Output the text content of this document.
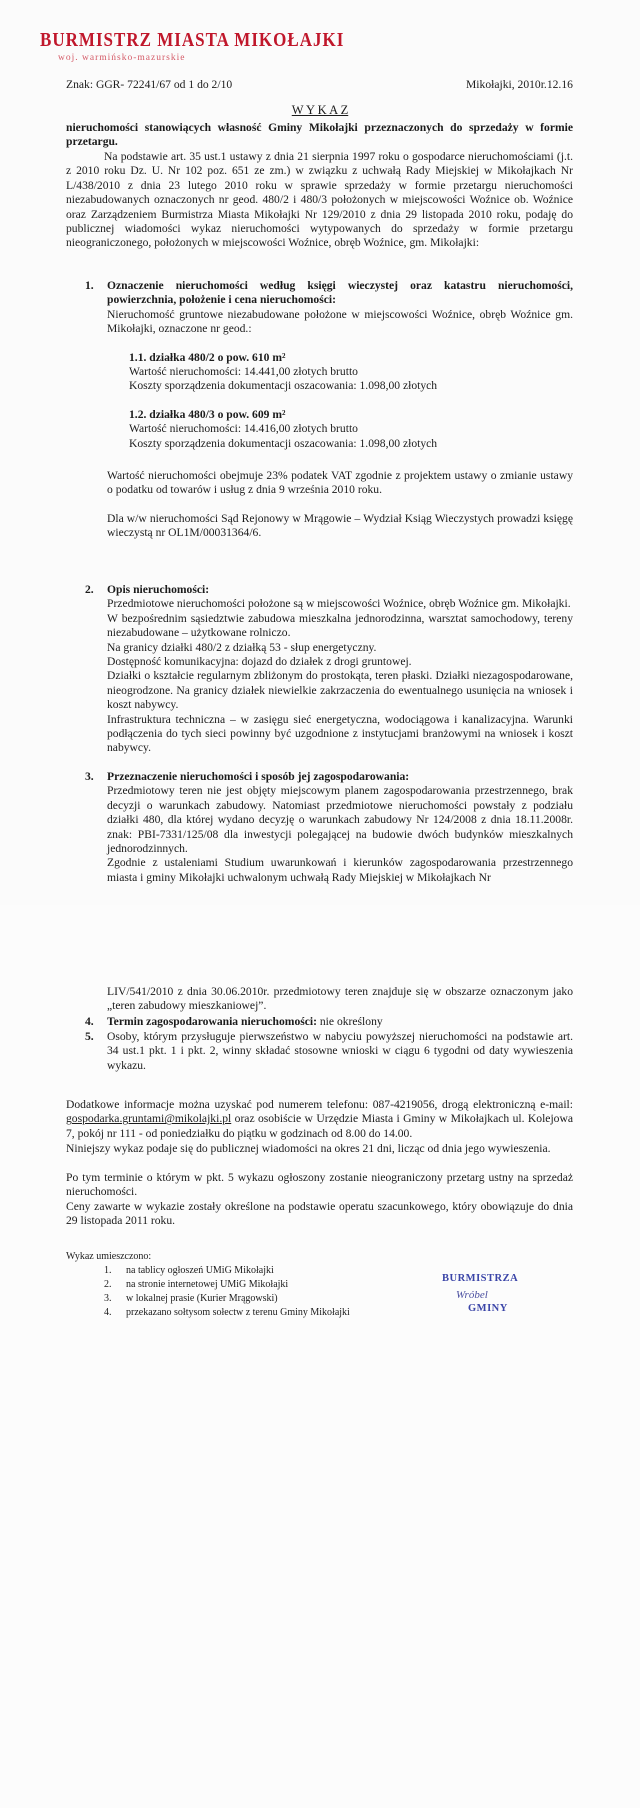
BURMISTRZ MIASTA MIKOŁAJKI
woj. warmińsko-mazurskie
Znak: GGR- 72241/67 od 1 do 2/10	Mikołajki, 2010r.12.16
W Y K A Z
nieruchomości stanowiących własność Gminy Mikołajki przeznaczonych do sprzedaży w formie przetargu.
Na podstawie art. 35 ust.1 ustawy z dnia 21 sierpnia 1997 roku o gospodarce nieruchomościami (j.t. z 2010 roku Dz. U. Nr 102 poz. 651 ze zm.) w związku z uchwałą Rady Miejskiej w Mikołajkach Nr L/438/2010 z dnia 23 lutego 2010 roku w sprawie sprzedaży w formie przetargu nieruchomości niezabudowanych oznaczonych nr geod. 480/2 i 480/3 położonych w miejscowości Woźnice ob. Woźnice oraz Zarządzeniem Burmistrza Miasta Mikołajki Nr 129/2010 z dnia 29 listopada 2010 roku, podaję do publicznej wiadomości wykaz nieruchomości wytypowanych do sprzedaży w formie przetargu nieograniczonego, położonych w miejscowości Woźnice, obręb Woźnice, gm. Mikołajki:
1. Oznaczenie nieruchomości według księgi wieczystej oraz katastru nieruchomości, powierzchnia, położenie i cena nieruchomości:
Nieruchomość gruntowe niezabudowane położone w miejscowości Woźnice, obręb Woźnice gm. Mikołajki, oznaczone nr geod.:
1.1. działka 480/2 o pow. 610 m²
Wartość nieruchomości: 14.441,00 złotych brutto
Koszty sporządzenia dokumentacji oszacowania: 1.098,00 złotych
1.2. działka 480/3 o pow. 609 m²
Wartość nieruchomości: 14.416,00 złotych brutto
Koszty sporządzenia dokumentacji oszacowania: 1.098,00 złotych
Wartość nieruchomości obejmuje 23% podatek VAT zgodnie z projektem ustawy o zmianie ustawy o podatku od towarów i usług z dnia 9 września 2010 roku.
Dla w/w nieruchomości Sąd Rejonowy w Mrągowie – Wydział Ksiąg Wieczystych prowadzi księgę wieczystą nr OL1M/00031364/6.
2. Opis nieruchomości:
Przedmiotowe nieruchomości położone są w miejscowości Woźnice, obręb Woźnice gm. Mikołajki.
W bezpośrednim sąsiedztwie zabudowa mieszkalna jednorodzinna, warsztat samochodowy, tereny niezabudowane – użytkowane rolniczo.
Na granicy działki 480/2 z działką 53 - słup energetyczny.
Dostępność komunikacyjna: dojazd do działek z drogi gruntowej.
Działki o kształcie regularnym zbliżonym do prostokąta, teren płaski. Działki niezagospodarowane, nieogrodzone. Na granicy działek niewielkie zakrzaczenia do ewentualnego usunięcia na wniosek i koszt nabywcy.
Infrastruktura techniczna – w zasięgu sieć energetyczna, wodociągowa i kanalizacyjna. Warunki podłączenia do tych sieci powinny być uzgodnione z instytucjami branżowymi na wniosek i koszt nabywcy.
3. Przeznaczenie nieruchomości i sposób jej zagospodarowania:
Przedmiotowy teren nie jest objęty miejscowym planem zagospodarowania przestrzennego, brak decyzji o warunkach zabudowy. Natomiast przedmiotowe nieruchomości powstały z podziału działki 480, dla której wydano decyzję o warunkach zabudowy Nr 124/2008 z dnia 18.11.2008r. znak: PBI-7331/125/08 dla inwestycji polegającej na budowie dwóch budynków mieszkalnych jednorodzinnych.
Zgodnie z ustaleniami Studium uwarunkowań i kierunków zagospodarowania przestrzennego miasta i gminy Mikołajki uchwalonym uchwałą Rady Miejskiej w Mikołajkach Nr
LIV/541/2010 z dnia 30.06.2010r. przedmiotowy teren znajduje się w obszarze oznaczonym jako „teren zabudowy mieszkaniowej”.
4. Termin zagospodarowania nieruchomości: nie określony
5. Osoby, którym przysługuje pierwszeństwo w nabyciu powyższej nieruchomości na podstawie art. 34 ust.1 pkt. 1 i pkt. 2, winny składać stosowne wnioski w ciągu 6 tygodni od daty wywieszenia wykazu.
Dodatkowe informacje można uzyskać pod numerem telefonu: 087-4219056, drogą elektroniczną e-mail: gospodarka.gruntami@mikolajki.pl oraz osobiście w Urzędzie Miasta i Gminy w Mikołajkach ul. Kolejowa 7, pokój nr 111 - od poniedziałku do piątku w godzinach od 8.00 do 14.00.
Niniejszy wykaz podaje się do publicznej wiadomości na okres 21 dni, licząc od dnia jego wywieszenia.
Po tym terminie o którym w pkt. 5 wykazu ogłoszony zostanie nieograniczony przetarg ustny na sprzedaż nieruchomości.
Ceny zawarte w wykazie zostały określone na podstawie operatu szacunkowego, który obowiązuje do dnia 29 listopada 2011 roku.
Wykaz umieszczono:
1. na tablicy ogłoszeń UMiG Mikołajki
2. na stronie internetowej UMiG Mikołajki
3. w lokalnej prasie (Kurier Mrągowski)
4. przekazano sołtysom sołectw z terenu Gminy Mikołajki
BURMISTRZA
Wróbel
GMINY
